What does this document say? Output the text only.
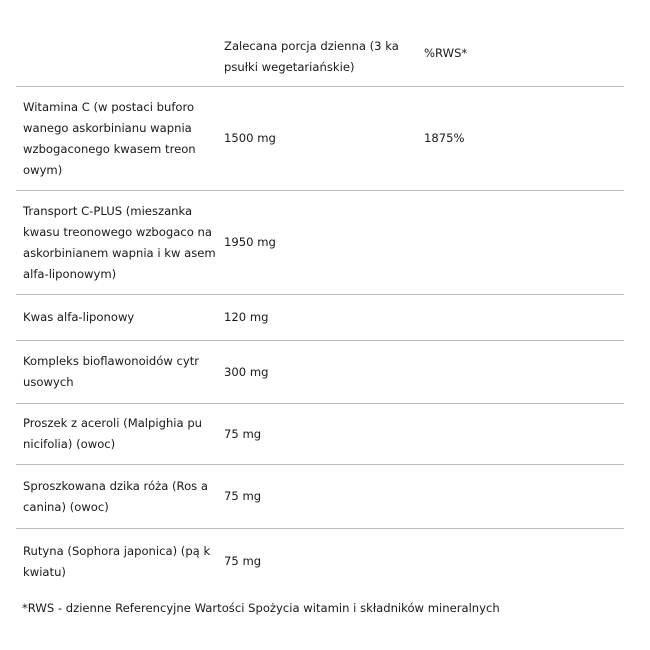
Zalecana porcja dzienna (3 ka psułki wegetariańskie)
%RWS*
Witamina C (w postaci buforo wanego askorbinianu wapnia wzbogaconego kwasem treon owym)
1500 mg	1875%
Transport C-PLUS (mieszanka kwasu treonowego wzbogaco na askorbinianem wapnia i kw asem alfa-liponowym)
1950 mg
Kwas alfa-liponowy	120 mg
Kompleks bioflawonoidów cytr usowych
300 mg
Proszek z aceroli (Malpighia pu nicifolia) (owoc)
75 mg
Sproszkowana dzika róża (Ros a canina) (owoc)
75 mg
Rutyna (Sophora japonica) (pą k kwiatu)
75 mg
*RWS - dzienne Referencyjne Wartości Spożycia witamin i składników mineralnych
